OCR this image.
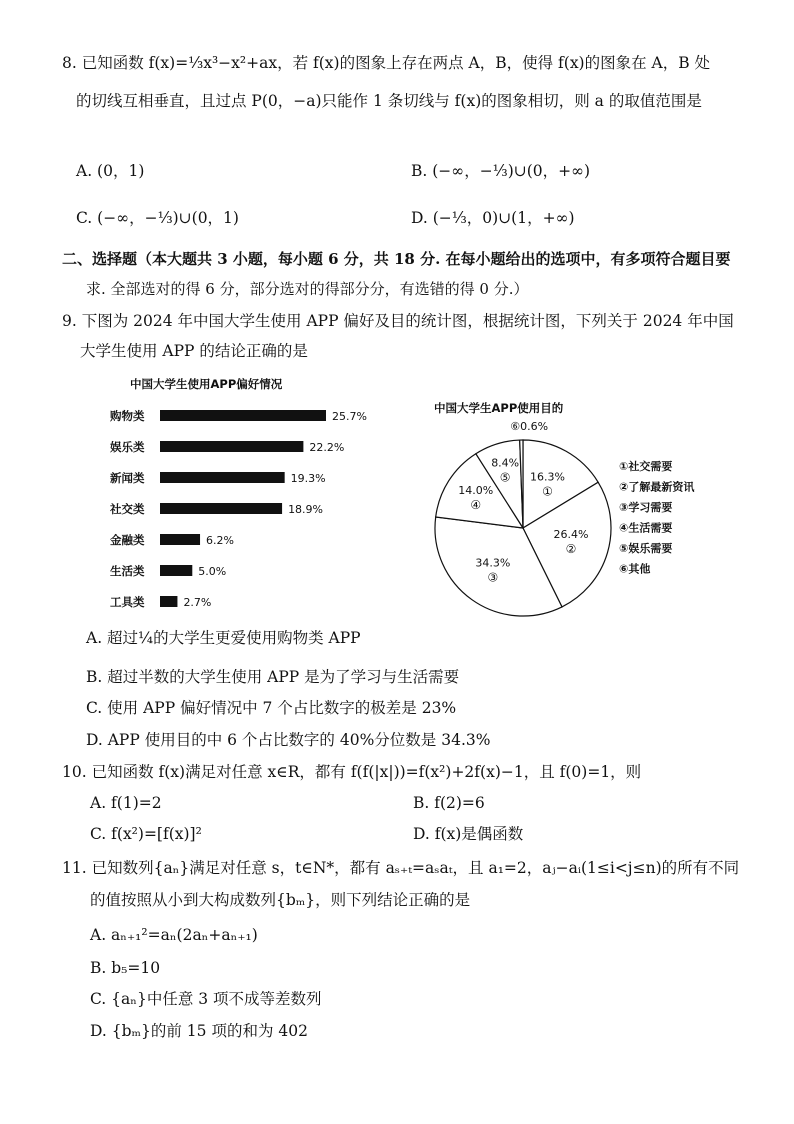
8. 已知函数 f(x)=⅓x³−x²+ax，若 f(x)的图象上存在两点 A，B，使得 f(x)的图象在 A，B 处
的切线互相垂直，且过点 P(0，−a)只能作 1 条切线与 f(x)的图象相切，则 a 的取值范围是
A. (0，1)	B. (−∞，−⅓)∪(0，+∞)
C. (−∞，−⅓)∪(0，1)	D. (−⅓，0)∪(1，+∞)
二、选择题（本大题共 3 小题，每小题 6 分，共 18 分. 在每小题给出的选项中，有多项符合题目要
求. 全部选对的得 6 分，部分选对的得部分分，有选错的得 0 分.）
9. 下图为 2024 年中国大学生使用 APP 偏好及目的统计图，根据统计图，下列关于 2024 年中国
大学生使用 APP 的结论正确的是
中国大学生使用APP偏好情况
购物类	25.7%
娱乐类	22.2%
新闻类	19.3%
社交类	18.9%
金融类	6.2%
生活类	5.0%
工具类	2.7%
中国大学生APP使用目的
16.3%
①
26.4%
②
34.3%
③
14.0%
④
8.4%
⑤
⑥0.6%
①社交需要
②了解最新资讯
③学习需要
④生活需要
⑤娱乐需要
⑥其他
A. 超过¼的大学生更爱使用购物类 APP
B. 超过半数的大学生使用 APP 是为了学习与生活需要
C. 使用 APP 偏好情况中 7 个占比数字的极差是 23%
D. APP 使用目的中 6 个占比数字的 40%分位数是 34.3%
10. 已知函数 f(x)满足对任意 x∈R，都有 f(f(|x|))=f(x²)+2f(x)−1，且 f(0)=1，则
A. f(1)=2	B. f(2)=6
C. f(x²)=[f(x)]²	D. f(x)是偶函数
11. 已知数列{aₙ}满足对任意 s，t∈N*，都有 aₛ₊ₜ=aₛaₜ，且 a₁=2，aⱼ−aᵢ(1≤i<j≤n)的所有不同
的值按照从小到大构成数列{bₘ}，则下列结论正确的是
A. aₙ₊₁²=aₙ(2aₙ+aₙ₊₁)
B. b₅=10
C. {aₙ}中任意 3 项不成等差数列
D. {bₘ}的前 15 项的和为 402
